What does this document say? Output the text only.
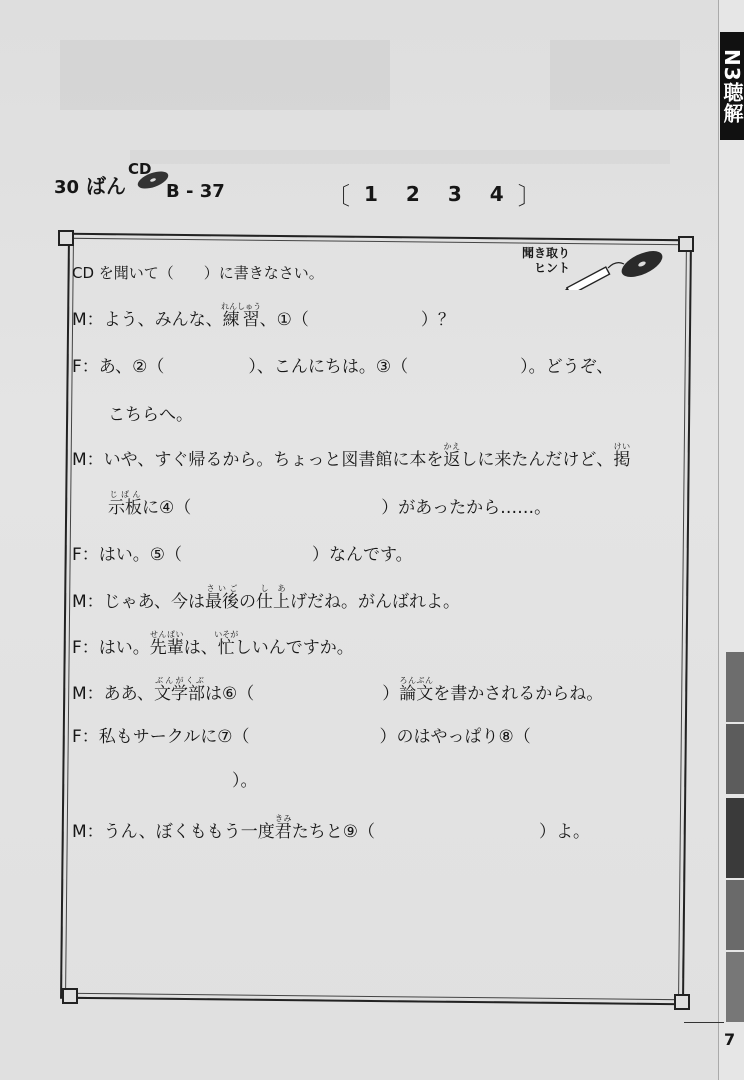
N3聴解
7
30 ばん
CD
B - 37	〔 1 2 3 4 〕
CD を聞いて（　　）に書きなさい。
聞き取り
ヒント
M：よう、みんな、練習れんしゅう、①（	）？
F：あ、②（	）、こんにちは。③（	）。どうぞ、
こちらへ。
M：いや、すぐ帰るから。ちょっと図書館に本を返かえしに来たんだけど、掲けい
示板じばんに④（	）があったから……。
F：はい。⑤（	）なんです。
M：じゃあ、今は最後さいごの仕上しあげだね。がんばれよ。
F：はい。先輩せんぱいは、忙いそがしいんですか。
M：ああ、文学部ぶんがくぶは⑥（	）論文ろんぶんを書かされるからね。
F：私もサークルに⑦（	）のはやっぱり⑧（
）。
M：うん、ぼくももう一度君きみたちと⑨（	）よ。
